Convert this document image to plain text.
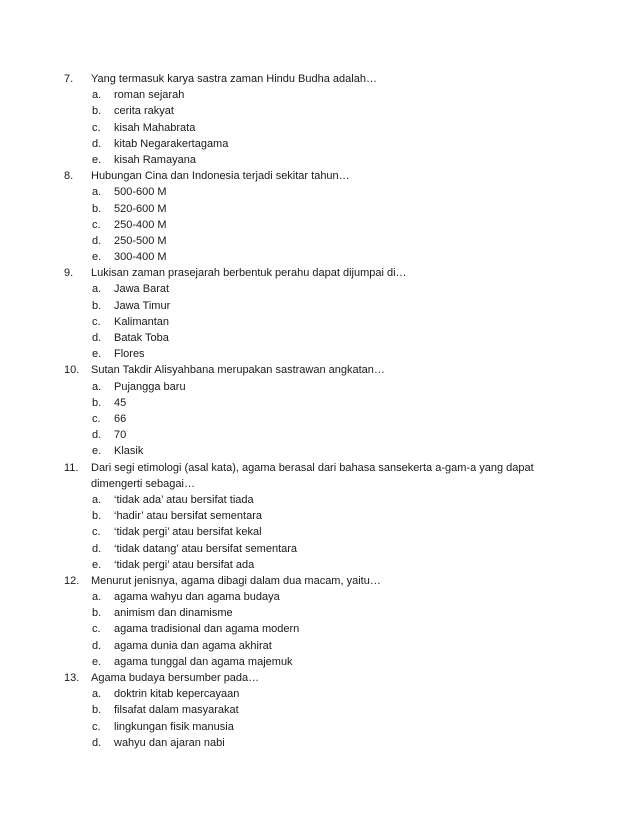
7.	Yang termasuk karya sastra zaman Hindu Budha adalah…
a. roman sejarah
b. cerita rakyat
c. kisah Mahabrata
d. kitab Negarakertagama
e. kisah Ramayana
8.	Hubungan Cina dan Indonesia terjadi sekitar tahun…
a. 500-600 M
b. 520-600 M
c. 250-400 M
d. 250-500 M
e. 300-400 M
9.	Lukisan zaman prasejarah berbentuk perahu dapat dijumpai di…
a. Jawa Barat
b. Jawa Timur
c. Kalimantan
d. Batak Toba
e. Flores
10.	Sutan Takdir Alisyahbana merupakan sastrawan angkatan…
a. Pujangga baru
b. 45
c. 66
d. 70
e. Klasik
11.	Dari segi etimologi (asal kata), agama berasal dari bahasa sansekerta a-gam-a yang dapat dimengerti sebagai…
a. ‘tidak ada’ atau bersifat tiada
b. ‘hadir’ atau bersifat sementara
c. ‘tidak pergi’ atau bersifat kekal
d. ‘tidak datang’ atau bersifat sementara
e. ‘tidak pergi’ atau bersifat ada
12.	Menurut jenisnya, agama dibagi dalam dua macam, yaitu…
a. agama wahyu dan agama budaya
b. animism dan dinamisme
c. agama tradisional dan agama modern
d. agama dunia dan agama akhirat
e. agama tunggal dan agama majemuk
13.	Agama budaya bersumber pada…
a. doktrin kitab kepercayaan
b. filsafat dalam masyarakat
c. lingkungan fisik manusia
d. wahyu dan ajaran nabi
